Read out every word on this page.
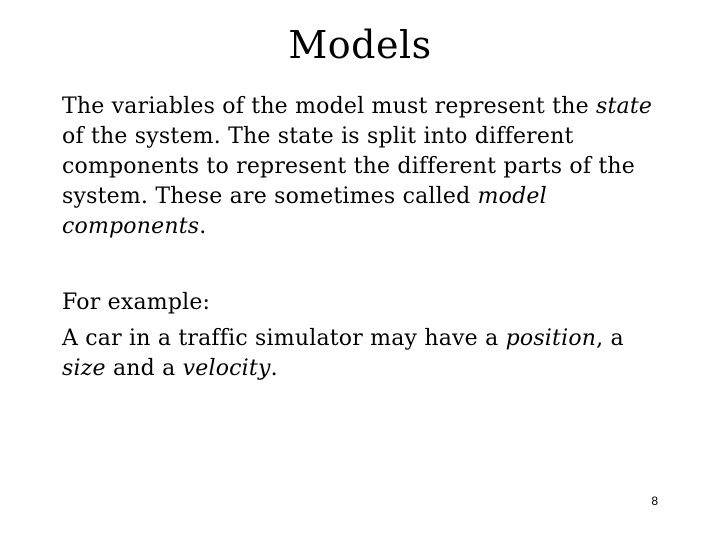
Models

The variables of the model must represent the state of the system. The state is split into different components to represent the different parts of the system. These are sometimes called model components.

For example:

A car in a traffic simulator may have a position, a size and a velocity.

8
